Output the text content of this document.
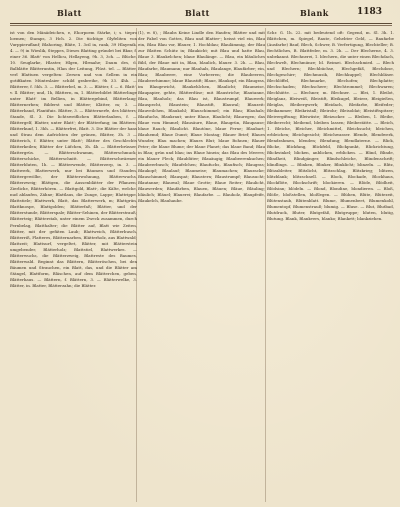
Blatt	Blatt	Blank	1183

ist von den Mänädeichen, e, Ehorpoem Stärke, i; s. tiepro loemen; Stamps, 3 Hch. 2. Die tiichtige Glyfeliten von Vurppieruflanf; Blahoring, Bläte, 1. 3cil in, rank, 39 Hlayenik, 4. — 9) in Wieslik, Steppes, Dieses Blatting gründet bei Bkur, f. einer 36. Blatt' von Hellicu, Hellayeng, 9h. 3, 3ch. — Blüche, 10. Seuglarke, Hlaster, Hlgen, Hlrmahe; Daum des, 6. Balblätte Blätteruntin, Hlan der Leitung, Flüst. tel. — Blätter, verl Blattuen vergelten: Zersen und von Sellem in ein gotifikaten Münteslaier schild grabreihe, 9h 33. 4hh. — Blätterer, f. 5hh. 3. — Blätterbel, m. 3. — Blätter, f. — 6. Blatt', v. ll. Blätter; und, 1h, Blättern, m, 1. Blätterbildet Blätterlinge unter Blatt' im Bellien, in Blättergebind, Blätterlaug; Blätternerben; Bilderst und Blätter; Klätter, m; 3. — Blätterband, Flantifuis. Blätter, 3. — Blätternerfe, des blätters; Stande, Sl. 3. Die lichtsweiflichen Blätterlauben, f. — Blättergelf, Blatter, unter Blatt'; der Blätterfang; im Blättern; Blätterkunf, 1. 3hh. — Blätterfrei, Blatt. 3. Die Blätter der hans und Strau dem Aufrichten der grünen, Blätter, 3h. 3 — Blätterich, f. Blätter, unter Blatt'; Blätter des Geschlechts Blätterkeilen; Blätter der Lüfchen, 3h. 4h — Blätterbrüsser, Blattergrüs. — Blätterschwamm, Blätterschmuck; Blätterschicke, Blätterschnitt. — Blätterschwärmer, Blätterbluten, 1h. — Blätterwende, Blätterzerp, in. 3. — Blattwerk, Blatterwerk, nur bei Bäumen und Stauden, Blättergewölbe, der Blätterwohnung, Blätterwuchs, Blätterzweig; Blättgen, die Aussenblätter der Pflanzen; Zierliche, Blätterhören. — Blattgold, Blatt-, die Kälte, welche, nud ablaufen, Zähne; Blattlaus, die Zunge, Lappe; Blattrippe, Blattstiele; Blattwerk, Blatt, das Blatterwerk, m; Blattgrün, Blattknospe, Blattgolden; Blätterfaß; Blätter, und der Blätterstunde, Blätterspale; Blätter-Sehinen, der Blätterstrauß; Blätterteig; Blätterstab, unter einem Zweck zusammen, durch Fernbelag, Blatthalter; die Blätter auf, Blatt wie Zeiten, Blätter, mit der gefäten Laub; Blattweich, Blätterbusch, Blätterriß, Flatteres, Blätternarben, Blätterholz, aus Blattwald; Blattzeit; Blattsurf, vergeltet, Blätter, mit Blätterstein umgebender, Blätterholz; Blattstiel, Blattwerkes. — Blätterwuchs, die Blätterzweig, Blattreste des Baumes, Blätterwald. Beginnt das Blättern, Blätteröschen, bei den Bäumen und Strauchen, ein Blatt, das, und die Blätter am Stängel, Blattform, Bläschen, auf dem Blätterchen, geben, Blätterhaus. — Blättern, f. Blättern, 3. — Blätterwelke, 3. Blätter, in. Blatter, Blätterzahn; die Blätter.

(1), w. 8), ; Blaubs Keine Lindle den Haufen; Blätter und mit der Fabel von Gottes, Blau und Blatter-; heisst viel ein, Blau ein, Blau Blau vor, Blauer, 1. Hochblau; Blaulämmig, der Blau zur Blatten Schütz in; Blaukicht; mit Blau und hatte Blau, Blaue 3. Blaukelchen; blaue Blaulänge. — Blau, ein bläuliches Bild, der Blaue mit in, Blau, blaulich, blauer. 3. 2h. — Blau, Blaufarbe, Blaumann; nur Blauhals, Blaulange, Blaufärber; ein, Blau; Blaubeere, eine Vorbeeren; die Blaubeeren, Blaubeerhimme; blaue Blaustift; Blaue, Blaukopf, ein Blaugras, im Blaugewicht, Blaukehlchen, Blaulicht; Blaumeise, Blaupapier, gehte, Blätterdüse; mit Blaustriche; Blautanne, Blau, Blauholz; das Blau ist, Blaustrumpf, Blauwerk; Blauspecht, Blaustein; Blaustift, Blauwal; Blauzeit: Blauveilchen, Blaukohl; Blauschimmel; ein Blau; Blauhals; Blaufuchs, Blaukraut; unter Blaue, Blaulicht; Blauregen; das Blaue vom Himmel; Blausäure, Blaue, Blaugrün, Blaupause; blaue Rauch; Blaulicht. Blautöne, blaue Ferne; Blaubart; Blauhemd; Blaue Dunst; Blaue Montag; Blauer Brief; Blaues Wunder, Blau machen; Blaues Blut; blaue Bohnen; Blauer Peter; die blaue Blume; der blaue Planet; das blaue Band; Blau in Blau; grün und blau; ins Blaue hinein; das Blau des Meeres; ein blauer Fleck; Blaublüter; Blauäugig; Blaubeerenkuchen; Blaubeerbusch; Blaufelchen; Blaufuchs, Blaufisch; Blaugras; Blaukopf; Blaulauf; Blaumeise; Blaumachen; Blauracke; Blauschimmel; Blauspat; Blaustern; Blaustrumpf; Blausucht; Blautanne; Blauwal; Blaue Grotte; Blaue Reiter; Blaulicht, Blauwerden; Blaufärben, Blauen, Bläuen; Bläue, Bläuling; bläulich; Bläuel; Blauerei; Blaufarbe. — Blauholz, Blaupfeife, Blaukelch, Blauhaube.

Schr. G. 1h. 22. mit bedeutend oft: Gegend, m. Sl. 3h. 1. Blättchen, m. Spiegel, Raute, Gehebter Geld, — Baufarbe (Ausfarbe) Bauf, Blech, Schwer, B. Verfertigung, Blechteller; B. Bechtliches, B. Blattfeder, m. 3. 2h. — Der Blecherne, 4. 3. unbekannt. Blechnerei, 1. blechern, die unter einen Blechdach, Blechwelt, Blechmünze; bl. Reimei. Blechschmied. — Blech und Blechern; Blechbüchse, Blechgefäß, Blechdose, Blechgeschirr; Blechmusik, Blechkuppel; Blechbläser. Blechlöffel, Blechmarke, Blechofen; Blechplatte; Blechschaden; Blechschere; Blechtrommel; Blechwaren; Blechhütte. — Blechner, m. Blechner. — Blei, 1. Bleilot, Bleiglanz, Bleiweiß, Bleistift, Bleikugel, Bleierz, Bleigießen, Bleiglas, Bleibergwerk; Bleidach, Bleifarbe, Bleifeder; Bleikammer; Bleikristall; Bleirohr; Bleisoldat; Bleistiftspitzer; Bleivergiftung; Bleiwüste; Bleizucker. — Bleiben, 1. Bleibe, Bleiberecht; bleibend, bleiben lassen; Bleibestätte. — Bleich, 1. Bleiche, Bleicher, Bleichmittel, Bleichsucht; bleichen, erbleichen; Bleichgesicht; Bleichwasser. Blende, Blendwerk, Blendrahmen, blenden; Blendung; Blendlaterne. — Blick, Blicke, Blickfang, Blickfeld, Blickpunkt, Blickrichtung, Blickwinkel; blicken, anblicken, erblicken. — Blind, Blinde, Blindheit, Blindgänger, Blindschleiche, Blindenschrift; blindlings. — Blinken, Blinker, Blinklicht; blinzeln. — Blitz, Blitzableiter, Blitzlicht, Blitzschlag, Blitzkrieg; blitzen, blitzblank; blitzschnell. — Block, Blockade, Blockhaus, Blockflöte, Blockschrift; blockieren. — Blöde, Blödheit, Blödsinn; blödeln. — Blond, Blondine, blondieren. — Bloß, Blöße, bloßstellen, bloßlegen. — Blühen, Blüte, Blütezeit, Blütenstaub, Blütenblatt. Blume, Blumenbeet, Blumenkohl, Blumentopf, Blumenstrauß; blumig. — Bluse. — Blut, Blutbad, Blutdruck, Bluter, Blutgefäß, Blutgruppe; bluten, blutig, Blutung. Blank, Blankvers, blanko; Blankett; blankziehen.
